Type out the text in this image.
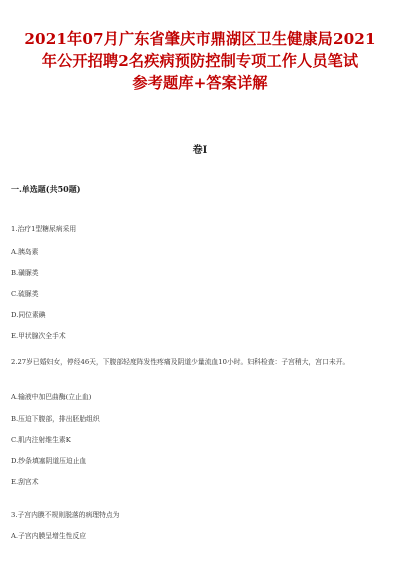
2021年07月广东省肇庆市鼎湖区卫生健康局2021
年公开招聘2名疾病预防控制专项工作人员笔试
参考题库+答案详解
卷I
一.单选题(共50题)
1.治疗1型糖尿病采用
A.胰岛素
B.磺脲类
C.硫脲类
D.同位素碘
E.甲状腺次全手术
2.27岁已婚妇女，停经46天，下腹部轻度阵发性疼痛及阴道少量流血10小时。妇科检查：子宫稍大，宫口未开。
A.输液中加巴曲酶(立止血)
B.压迫下腹部，排出胚胎组织
C.肌内注射维生素K
D.纱条填塞阴道压迫止血
E.刮宫术
3.子宫内膜不规则脱落的病理特点为
A.子宫内膜呈增生性反应
